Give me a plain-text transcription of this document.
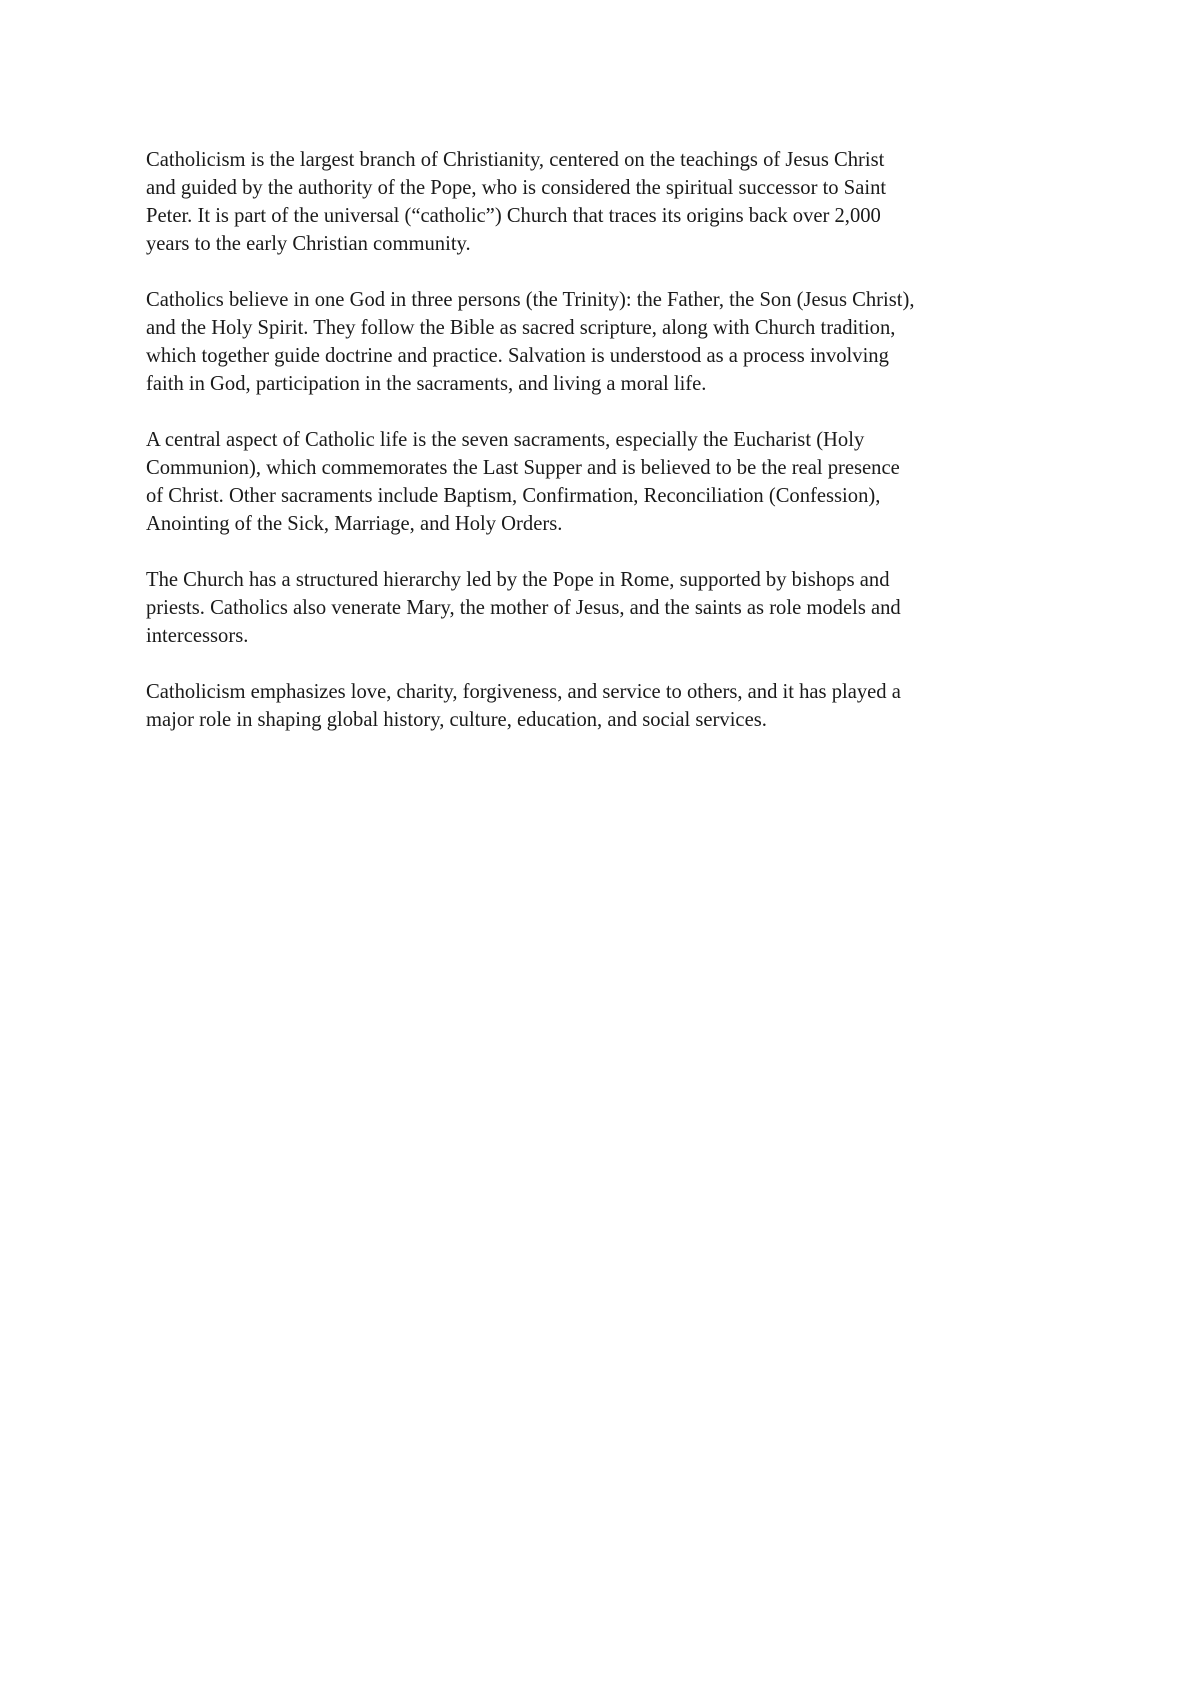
Catholicism is the largest branch of Christianity, centered on the teachings of Jesus Christ
and guided by the authority of the Pope, who is considered the spiritual successor to Saint
Peter. It is part of the universal (“catholic”) Church that traces its origins back over 2,000
years to the early Christian community.

Catholics believe in one God in three persons (the Trinity): the Father, the Son (Jesus Christ),
and the Holy Spirit. They follow the Bible as sacred scripture, along with Church tradition,
which together guide doctrine and practice. Salvation is understood as a process involving
faith in God, participation in the sacraments, and living a moral life.

A central aspect of Catholic life is the seven sacraments, especially the Eucharist (Holy
Communion), which commemorates the Last Supper and is believed to be the real presence
of Christ. Other sacraments include Baptism, Confirmation, Reconciliation (Confession),
Anointing of the Sick, Marriage, and Holy Orders.

The Church has a structured hierarchy led by the Pope in Rome, supported by bishops and
priests. Catholics also venerate Mary, the mother of Jesus, and the saints as role models and
intercessors.

Catholicism emphasizes love, charity, forgiveness, and service to others, and it has played a
major role in shaping global history, culture, education, and social services.
